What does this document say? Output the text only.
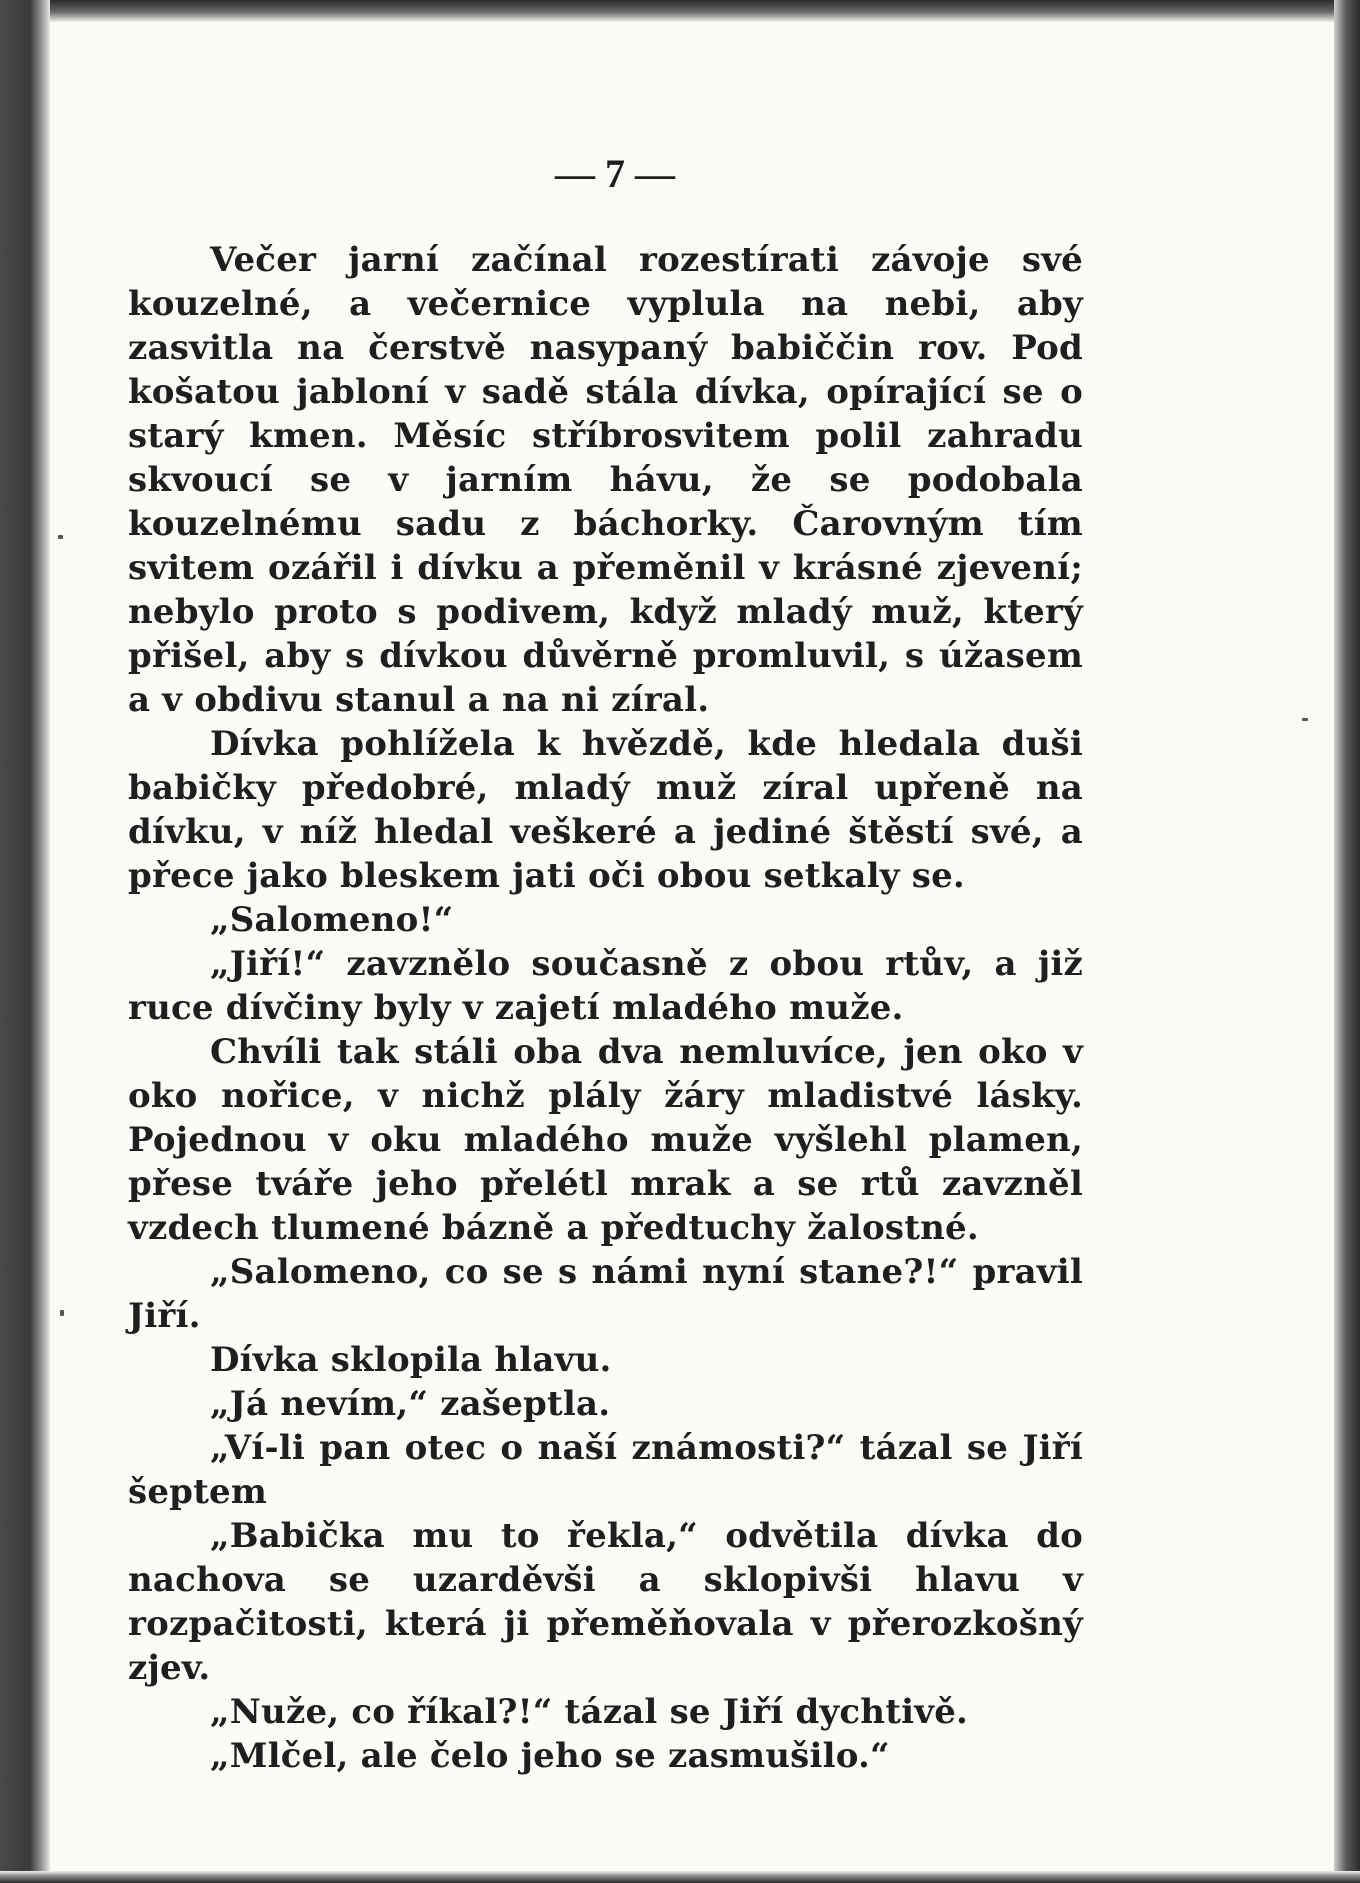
— 7 —

Večer jarní začínal rozestírati závoje své kouzelné, a večernice vyplula na nebi, aby zasvitla na čerstvě nasypaný babiččin rov. Pod košatou jabloní v sadě stála dívka, opírající se o starý kmen. Měsíc stříbrosvitem polil zahradu skvoucí se v jarním hávu, že se podobala kouzelnému sadu z báchorky. Čarovným tím svitem ozářil i dívku a přeměnil v krásné zjevení; nebylo proto s podivem, když mladý muž, který přišel, aby s dívkou důvěrně promluvil, s úžasem a v obdivu stanul a na ni zíral.

Dívka pohlížela k hvězdě, kde hledala duši babičky předobré, mladý muž zíral upřeně na dívku, v níž hledal veškeré a jediné štěstí své, a přece jako bleskem jati oči obou setkaly se.

„Salomeno!“

„Jiří!“ zavznělo současně z obou rtův, a již ruce dívčiny byly v zajetí mladého muže.

Chvíli tak stáli oba dva nemluvíce, jen oko v oko nořice, v nichž plály žáry mladistvé lásky. Pojednou v oku mladého muže vyšlehl plamen, přese tváře jeho přelétl mrak a se rtů zavzněl vzdech tlumené bázně a předtuchy žalostné.

„Salomeno, co se s námi nyní stane?!“ pravil Jiří.

Dívka sklopila hlavu.

„Já nevím,“ zašeptla.

„Ví-li pan otec o naší známosti?“ tázal se Jiří šeptem

„Babička mu to řekla,“ odvětila dívka do nachova se uzarděvši a sklopivši hlavu v rozpačitosti, která ji přeměňovala v přerozkošný zjev.

„Nuže, co říkal?!“ tázal se Jiří dychtivě.

„Mlčel, ale čelo jeho se zasmušilo.“
